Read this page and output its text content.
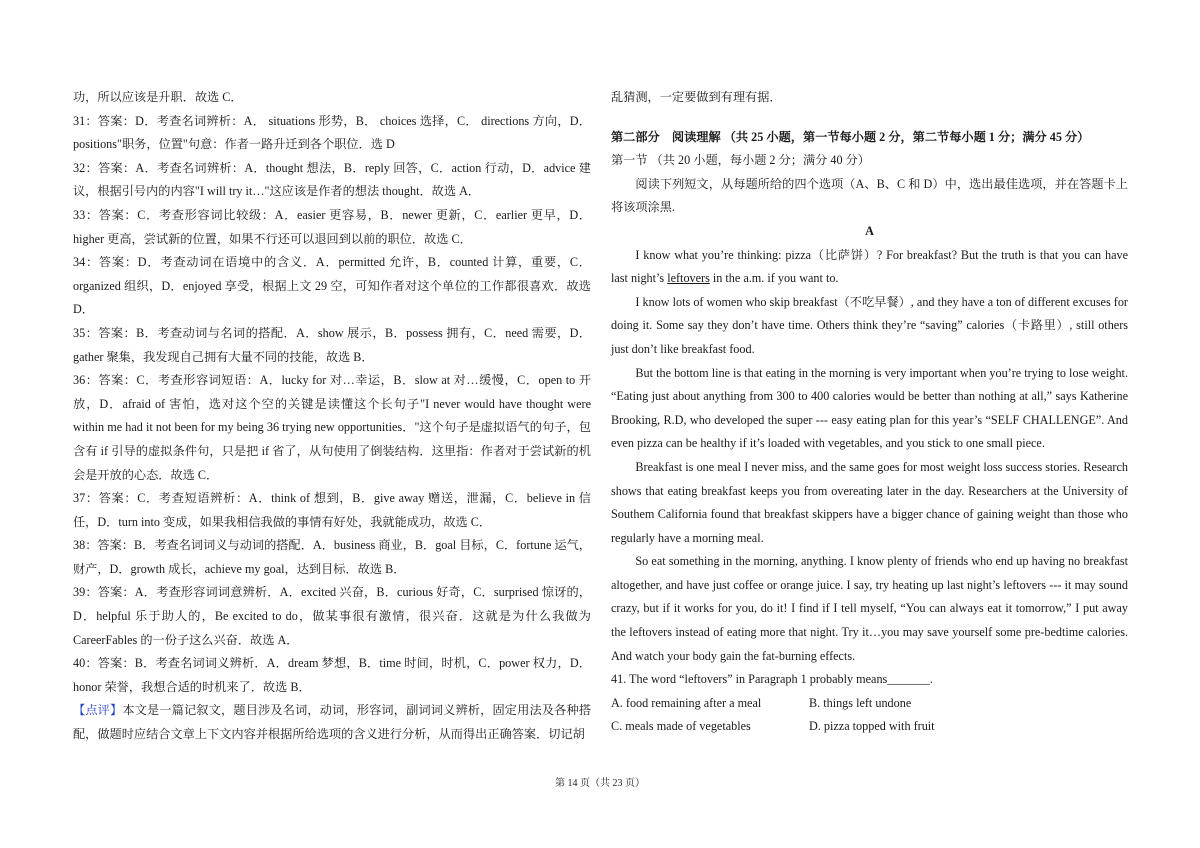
功，所以应该是升职．故选 C．

31：答案：D．考查名词辨析：A． situations 形势，B． choices 选择，C． directions 方向，D．positions"职务，位置"句意：作者一路升迁到各个职位．选 D

32：答案：A．考查名词辨析：A．thought 想法，B．reply 回答，C．action 行动，D．advice 建议，根据引号内的内容"I will try it…"这应该是作者的想法 thought．故选 A．

33：答案：C．考查形容词比较级：A．easier 更容易，B．newer 更新，C．earlier 更早，D．higher 更高，尝试新的位置，如果不行还可以退回到以前的职位．故选 C．

34：答案：D．考查动词在语境中的含义．A．permitted 允许，B．counted 计算，重要，C．organized 组织，D．enjoyed 享受，根据上文 29 空，可知作者对这个单位的工作都很喜欢．故选 D．

35：答案：B．考查动词与名词的搭配．A．show 展示，B．possess 拥有，C．need 需要，D．gather 聚集，我发现自己拥有大量不同的技能，故选 B．

36：答案：C．考查形容词短语：A．lucky for 对…幸运，B．slow at 对…缓慢，C．open to 开放，D．afraid of 害怕，选对这个空的关键是读懂这个长句子"I never would have thought were within me had it not been for my being 36 trying new opportunities．"这个句子是虚拟语气的句子，包含有 if 引导的虚拟条件句，只是把 if 省了，从句使用了倒装结构．这里指：作者对于尝试新的机会是开放的心态．故选 C．

37：答案：C．考查短语辨析：A．think of 想到，B．give away 赠送，泄漏，C．believe in 信任，D．turn into 变成，如果我相信我做的事情有好处，我就能成功，故选 C．

38：答案：B．考查名词词义与动词的搭配．A．business 商业，B．goal 目标，C．fortune 运气，财产，D．growth 成长，achieve my goal，达到目标．故选 B．

39：答案：A．考查形容词词意辨析．A．excited 兴奋，B．curious 好奇，C．surprised 惊讶的，D．helpful 乐于助人的，Be excited to do，做某事很有激情，很兴奋．这就是为什么我做为 CareerFables 的一份子这么兴奋．故选 A．

40：答案：B．考查名词词义辨析．A．dream 梦想，B．time 时间，时机，C．power 权力，D．honor 荣誉，我想合适的时机来了．故选 B．

【点评】本文是一篇记叙文，题目涉及名词，动词，形容词，副词词义辨析，固定用法及各种搭配，做题时应结合文章上下文内容并根据所给选项的含义进行分析，从而得出正确答案．切记胡

乱猜测，一定要做到有理有据．

第二部分　阅读理解 （共 25 小题，第一节每小题 2 分，第二节每小题 1 分；满分 45 分）

第一节 （共 20 小题，每小题 2 分；满分 40 分）

阅读下列短文，从每题所给的四个选项（A、B、C 和 D）中，选出最佳选项，并在答题卡上将该项涂黑.

A

I know what you’re thinking: pizza（比萨饼）? For breakfast? But the truth is that you can have last night’s leftovers in the a.m. if you want to.

I know lots of women who skip breakfast（不吃早餐）, and they have a ton of different excuses for doing it. Some say they don’t have time. Others think they’re “saving” calories（卡路里）, still others just don’t like breakfast food.

But the bottom line is that eating in the morning is very important when you’re trying to lose weight. “Eating just about anything from 300 to 400 calories would be better than nothing at all,” says Katherine Brooking, R.D, who developed the super --- easy eating plan for this year’s “SELF CHALLENGE”. And even pizza can be healthy if it’s loaded with vegetables, and you stick to one small piece.

Breakfast is one meal I never miss, and the same goes for most weight loss success stories. Research shows that eating breakfast keeps you from overeating later in the day. Researchers at the University of Southem California found that breakfast skippers have a bigger chance of gaining weight than those who regularly have a morning meal.

So eat something in the morning, anything. I know plenty of friends who end up having no breakfast altogether, and have just coffee or orange juice. I say, try heating up last night’s leftovers --- it may sound crazy, but if it works for you, do it! I find if I tell myself, “You can always eat it tomorrow,” I put away the leftovers instead of eating more that night. Try it…you may save yourself some pre-bedtime calories. And watch your body gain the fat-burning effects.

41. The word “leftovers” in Paragraph 1 probably means_______.

A. food remaining after a meal	B. things left undone
C. meals made of vegetables	D. pizza topped with fruit
第 14 页（共 23 页）
